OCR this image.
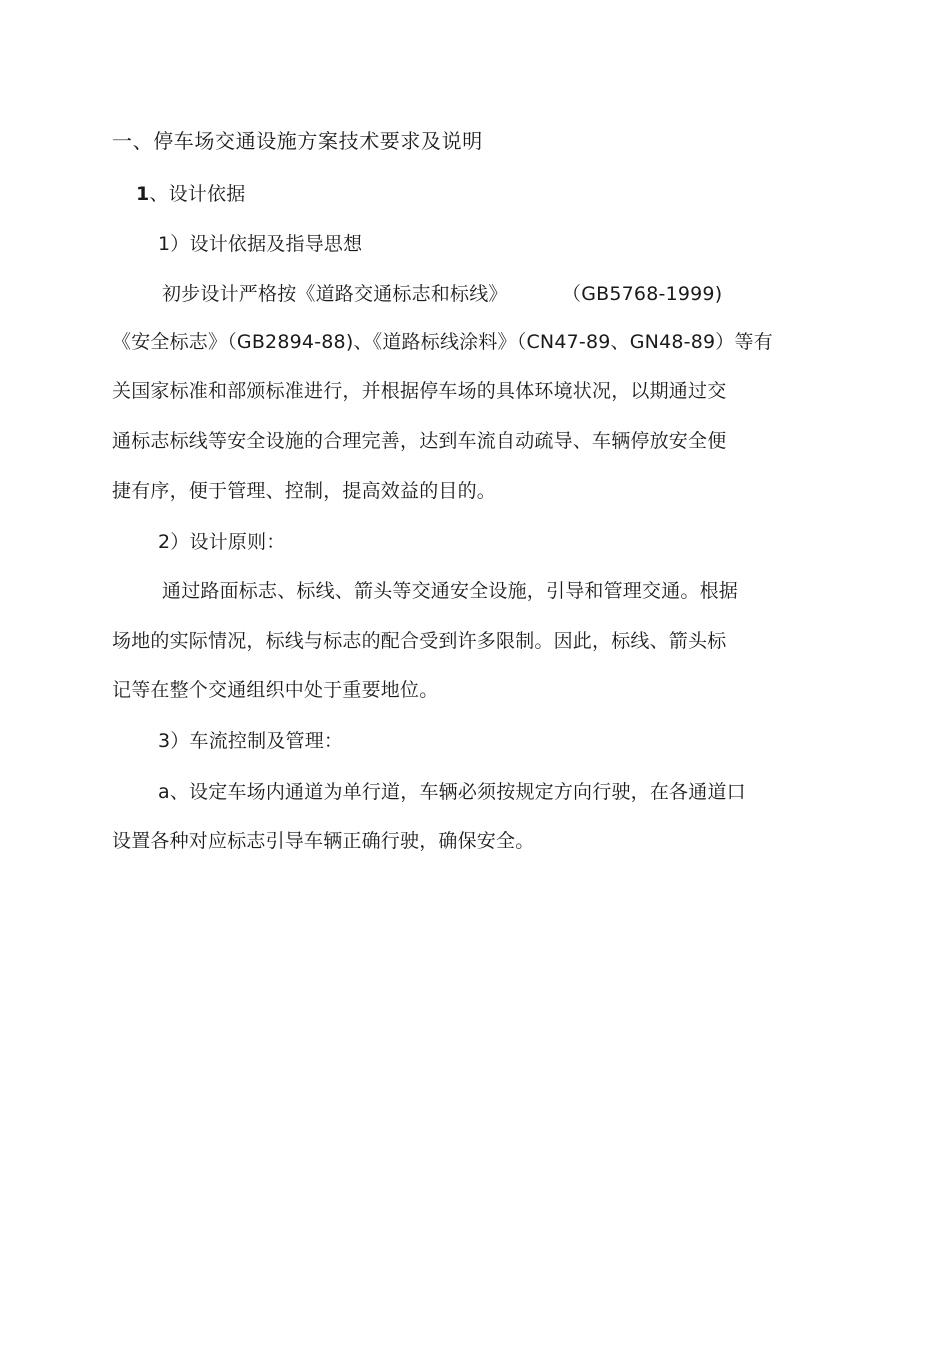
一、停车场交通设施方案技术要求及说明
1、设计依据
1）设计依据及指导思想
初步设计严格按《道路交通标志和标线》	（GB5768-1999)
《安全标志》（GB2894-88)、《道路标线涂料》（CN47-89、GN48-89）等有
关国家标准和部颁标准进行，并根据停车场的具体环境状况，以期通过交
通标志标线等安全设施的合理完善，达到车流自动疏导、车辆停放安全便
捷有序，便于管理、控制，提高效益的目的。
2）设计原则：
通过路面标志、标线、箭头等交通安全设施，引导和管理交通。根据
场地的实际情况，标线与标志的配合受到许多限制。因此，标线、箭头标
记等在整个交通组织中处于重要地位。
3）车流控制及管理：
a、设定车场内通道为单行道，车辆必须按规定方向行驶，在各通道口
设置各种对应标志引导车辆正确行驶，确保安全。
